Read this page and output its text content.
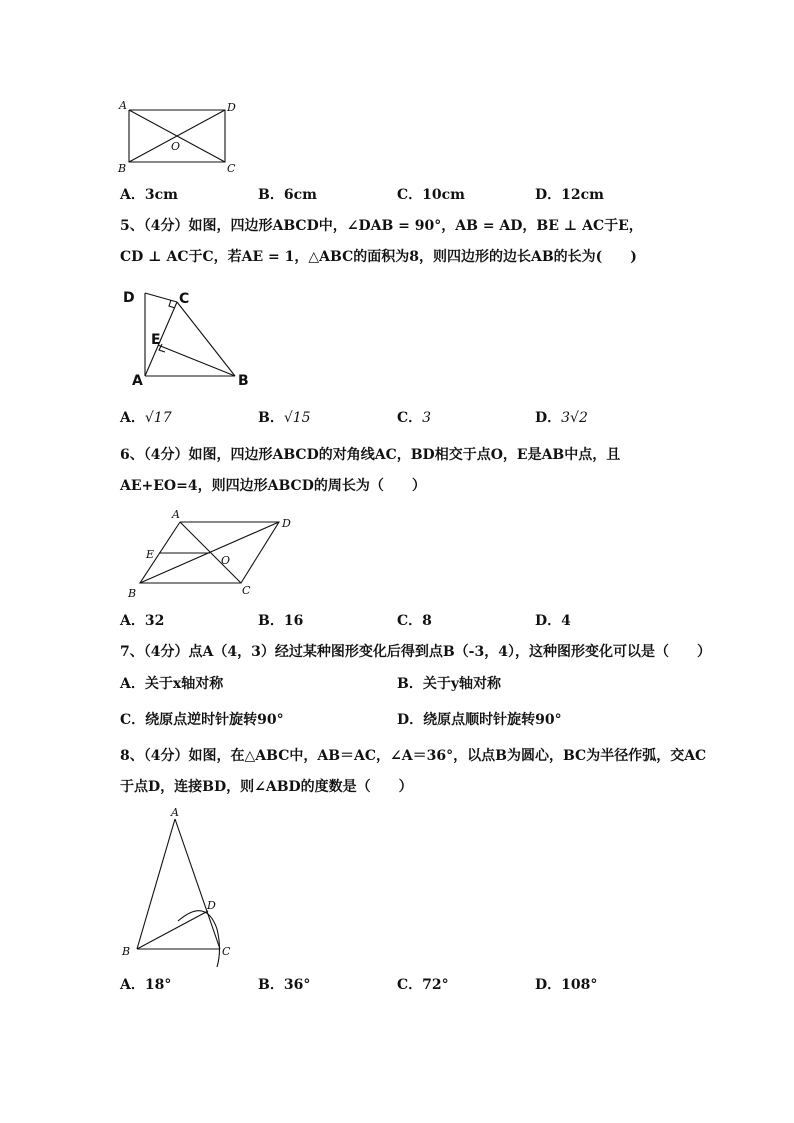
A	D
B	C
O
A．3cm	B．6cm	C．10cm	D．12cm
5、（4分）如图，四边形ABCD中，∠DAB = 90°，AB = AD，BE ⊥ AC于E，
CD ⊥ AC于C，若AE = 1，△ABC的面积为8，则四边形的边长AB的长为(　　)
D	C
E
A	B
A．√17	B．√15	C．3	D．3√2
6、（4分）如图，四边形ABCD的对角线AC，BD相交于点O，E是AB中点，且
AE+EO=4，则四边形ABCD的周长为（　　）
A
D
E	O
B	C
A．32	B．16	C．8	D．4
7、（4分）点A（4，3）经过某种图形变化后得到点B（-3，4），这种图形变化可以是（　　）
A．关于x轴对称	B．关于y轴对称
C．绕原点逆时针旋转90°	D．绕原点顺时针旋转90°
8、（4分）如图，在△ABC中，AB＝AC，∠A＝36°，以点B为圆心，BC为半径作弧，交AC
于点D，连接BD，则∠ABD的度数是（　　）
A
D
B	C
A．18°	B．36°	C．72°	D．108°
